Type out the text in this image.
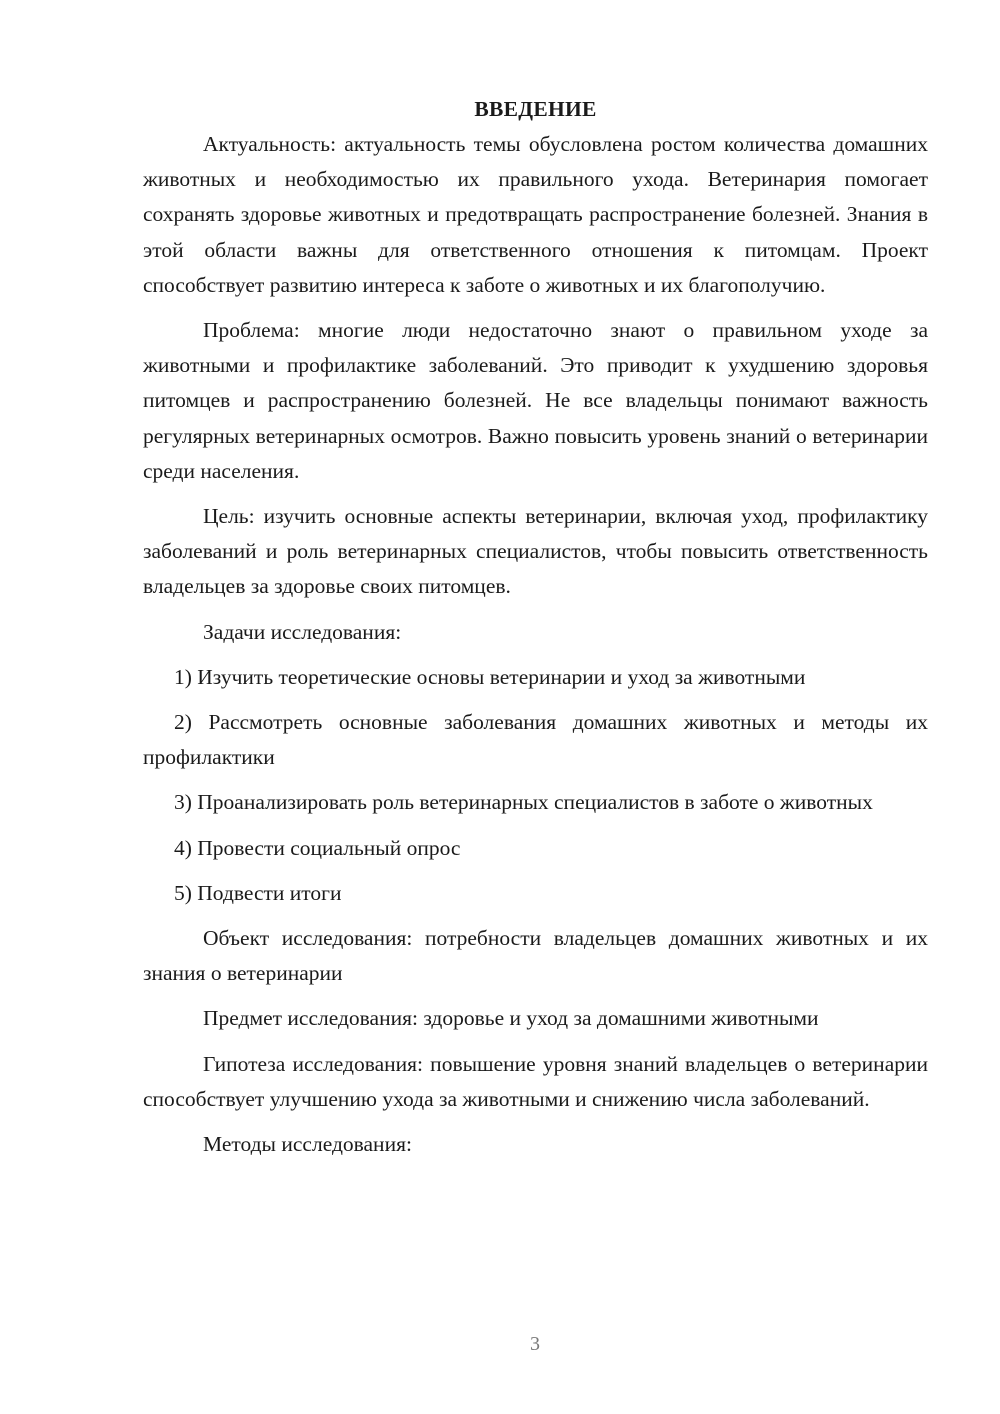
ВВЕДЕНИЕ

Актуальность: актуальность темы обусловлена ростом количества домашних животных и необходимостью их правильного ухода. Ветеринария помогает сохранять здоровье животных и предотвращать распространение болезней. Знания в этой области важны для ответственного отношения к питомцам. Проект способствует развитию интереса к заботе о животных и их благополучию.

Проблема: многие люди недостаточно знают о правильном уходе за животными и профилактике заболеваний. Это приводит к ухудшению здоровья питомцев и распространению болезней. Не все владельцы понимают важность регулярных ветеринарных осмотров. Важно повысить уровень знаний о ветеринарии среди населения.

Цель: изучить основные аспекты ветеринарии, включая уход, профилактику заболеваний и роль ветеринарных специалистов, чтобы повысить ответственность владельцев за здоровье своих питомцев.

Задачи исследования:

1) Изучить теоретические основы ветеринарии и уход за животными

2) Рассмотреть основные заболевания домашних животных и методы их профилактики

3) Проанализировать роль ветеринарных специалистов в заботе о животных

4) Провести социальный опрос

5) Подвести итоги

Объект исследования: потребности владельцев домашних животных и их знания о ветеринарии

Предмет исследования: здоровье и уход за домашними животными

Гипотеза исследования: повышение уровня знаний владельцев о ветеринарии способствует улучшению ухода за животными и снижению числа заболеваний.

Методы исследования:

3
